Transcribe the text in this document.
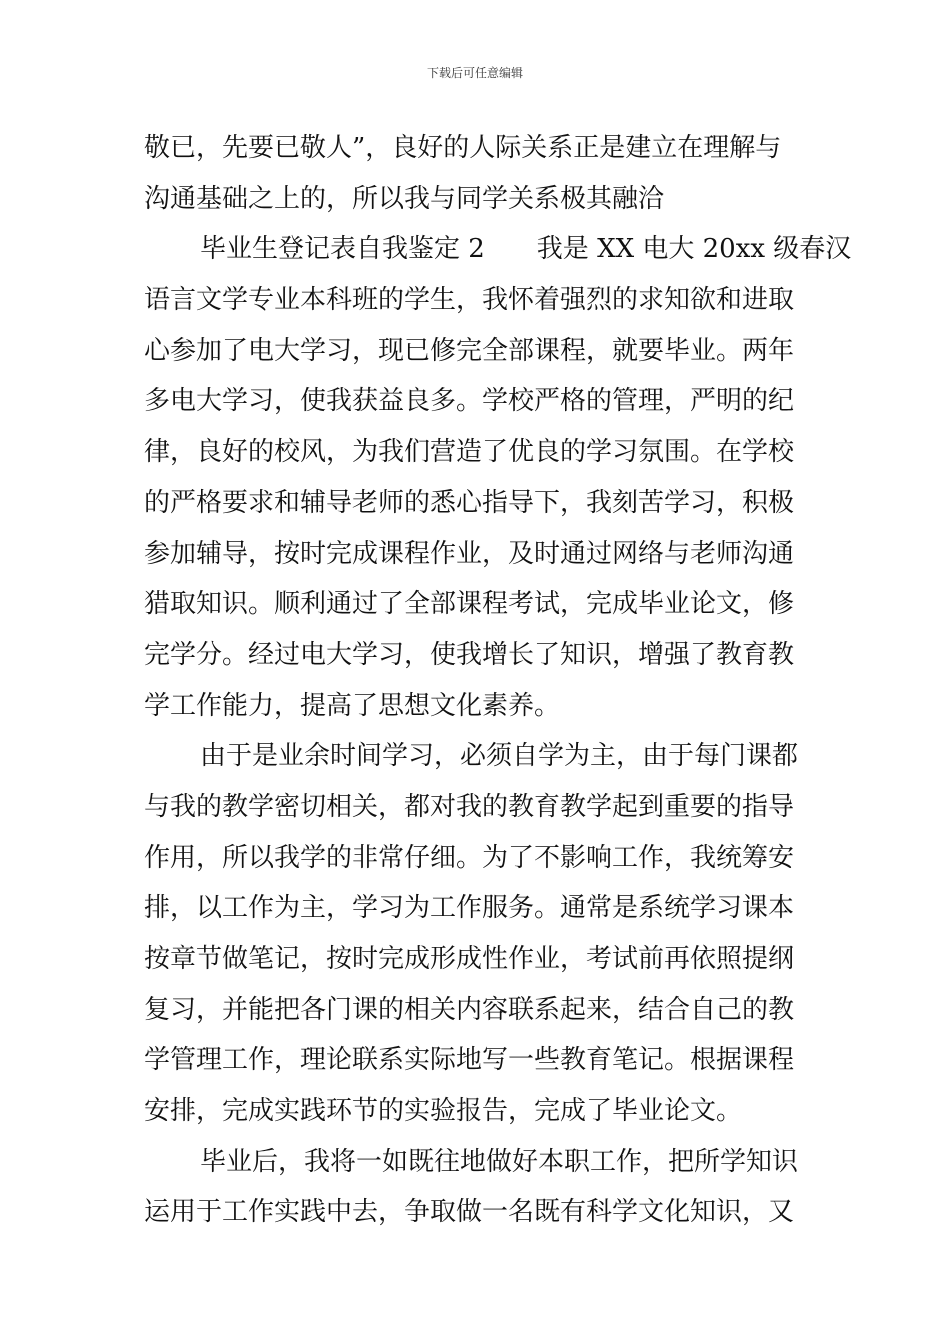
下载后可任意编辑
敬已，先要已敬人”，良好的人际关系正是建立在理解与
沟通基础之上的，所以我与同学关系极其融洽
毕业生登记表自我鉴定 2　　我是 XX 电大 20xx 级春汉
语言文学专业本科班的学生，我怀着强烈的求知欲和进取
心参加了电大学习，现已修完全部课程，就要毕业。两年
多电大学习，使我获益良多。学校严格的管理，严明的纪
律，良好的校风，为我们营造了优良的学习氛围。在学校
的严格要求和辅导老师的悉心指导下，我刻苦学习，积极
参加辅导，按时完成课程作业，及时通过网络与老师沟通
猎取知识。顺利通过了全部课程考试，完成毕业论文，修
完学分。经过电大学习，使我增长了知识，增强了教育教
学工作能力，提高了思想文化素养。
由于是业余时间学习，必须自学为主，由于每门课都
与我的教学密切相关，都对我的教育教学起到重要的指导
作用，所以我学的非常仔细。为了不影响工作，我统筹安
排，以工作为主，学习为工作服务。通常是系统学习课本
按章节做笔记，按时完成形成性作业，考试前再依照提纲
复习，并能把各门课的相关内容联系起来，结合自己的教
学管理工作，理论联系实际地写一些教育笔记。根据课程
安排，完成实践环节的实验报告，完成了毕业论文。
毕业后，我将一如既往地做好本职工作，把所学知识
运用于工作实践中去，争取做一名既有科学文化知识，又
